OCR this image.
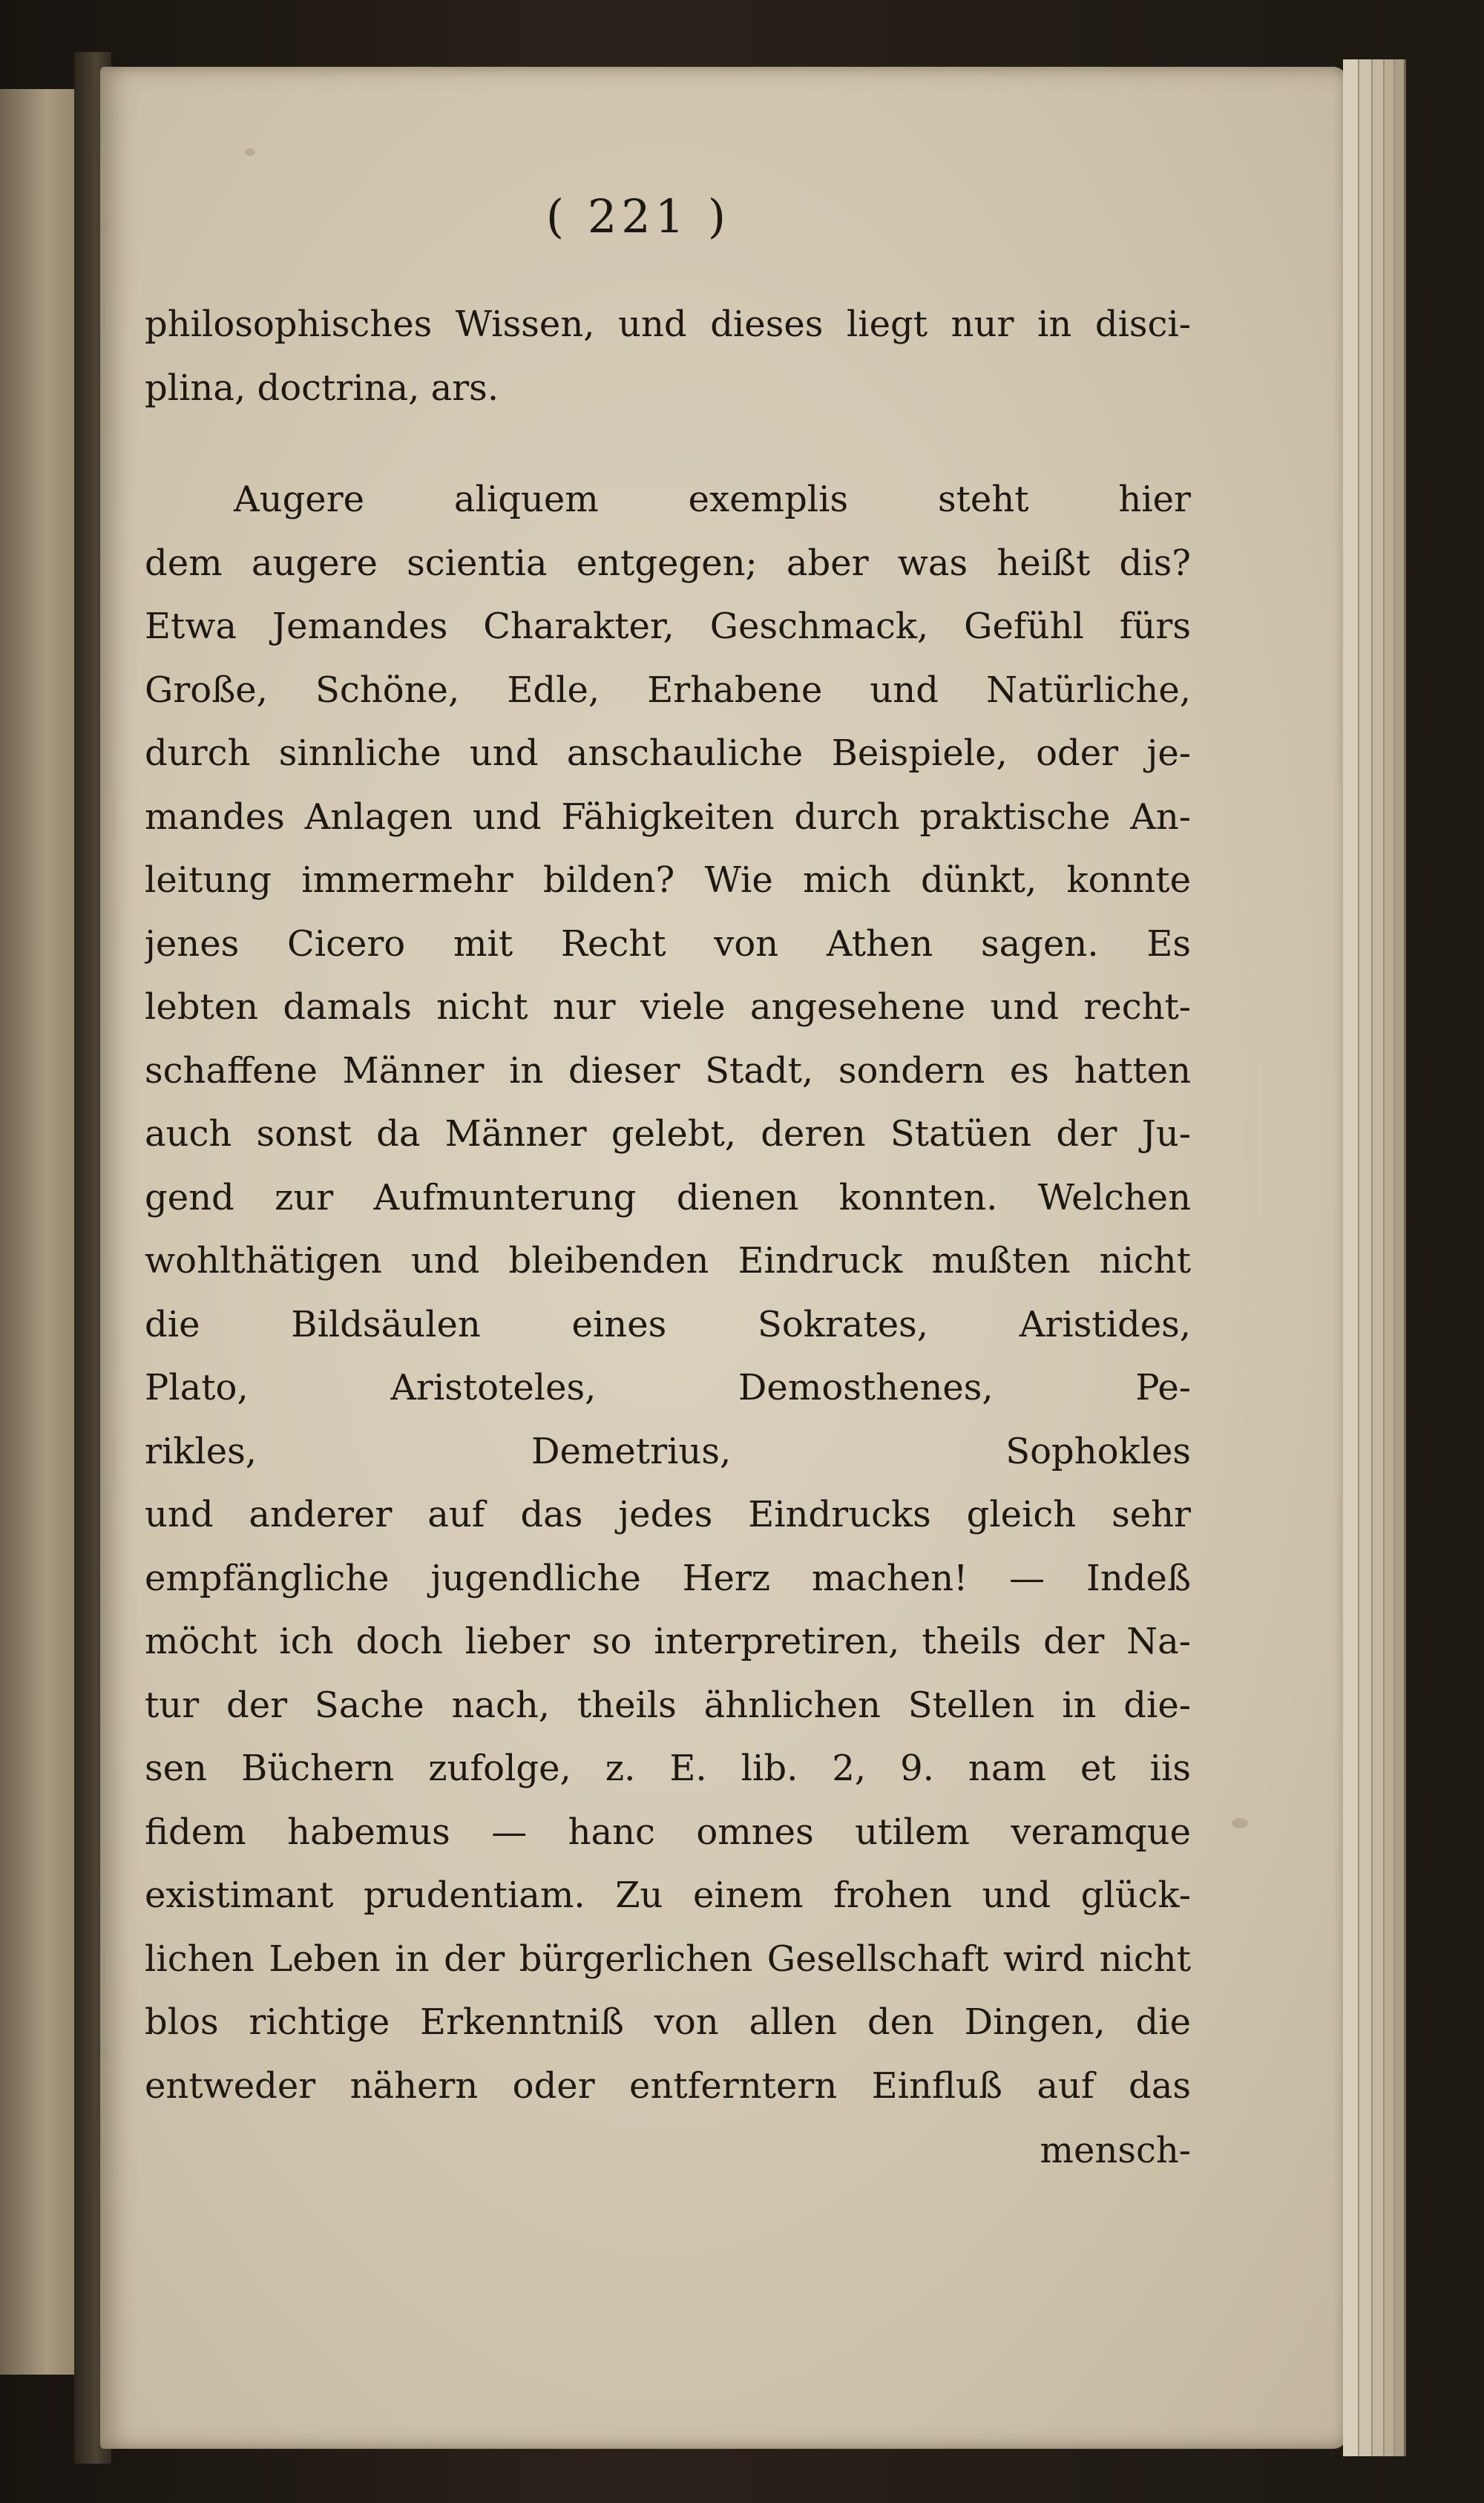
( 221 )
philosophisches Wissen, und dieses liegt nur in disci-
plina, doctrina, ars.
Augere aliquem exemplis steht hier
dem augere scientia entgegen; aber was heißt dis?
Etwa Jemandes Charakter, Geschmack, Gefühl fürs
Große, Schöne, Edle, Erhabene und Natürliche,
durch sinnliche und anschauliche Beispiele, oder je-
mandes Anlagen und Fähigkeiten durch praktische An-
leitung immermehr bilden? Wie mich dünkt, konnte
jenes Cicero mit Recht von Athen sagen. Es
lebten damals nicht nur viele angesehene und recht-
schaffene Männer in dieser Stadt, sondern es hatten
auch sonst da Männer gelebt, deren Statüen der Ju-
gend zur Aufmunterung dienen konnten. Welchen
wohlthätigen und bleibenden Eindruck mußten nicht
die Bildsäulen eines Sokrates, Aristides,
Plato, Aristoteles, Demosthenes, Pe-
rikles, Demetrius, Sophokles
und anderer auf das jedes Eindrucks gleich sehr
empfängliche jugendliche Herz machen! — Indeß
möcht ich doch lieber so interpretiren, theils der Na-
tur der Sache nach, theils ähnlichen Stellen in die-
sen Büchern zufolge, z. E. lib. 2, 9. nam et iis
fidem habemus — hanc omnes utilem veramque
existimant prudentiam. Zu einem frohen und glück-
lichen Leben in der bürgerlichen Gesellschaft wird nicht
blos richtige Erkenntniß von allen den Dingen, die
entweder nähern oder entferntern Einfluß auf das
mensch-
